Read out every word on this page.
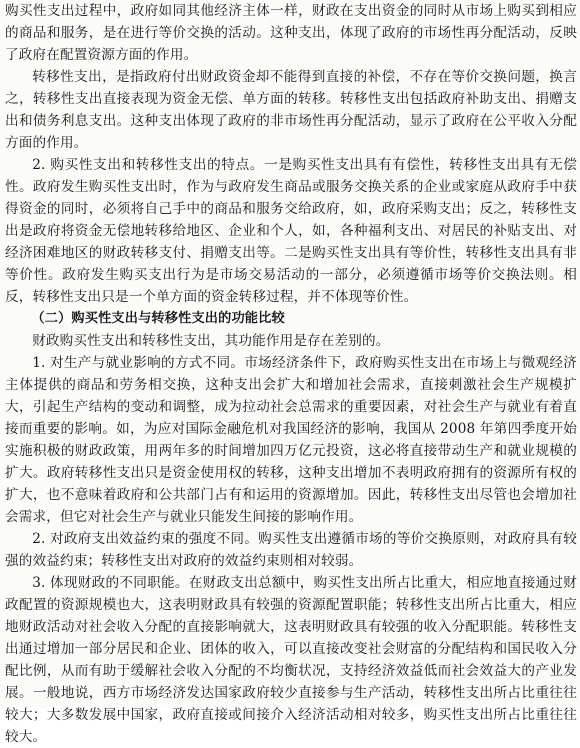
购买性支出过程中，政府如同其他经济主体一样，财政在支出资金的同时从市场上购买到相应的商品和服务，是在进行等价交换的活动。这种支出，体现了政府的市场性再分配活动，反映了政府在配置资源方面的作用。

转移性支出，是指政府付出财政资金却不能得到直接的补偿，不存在等价交换问题，换言之，转移性支出直接表现为资金无偿、单方面的转移。转移性支出包括政府补助支出、捐赠支出和债务利息支出。这种支出体现了政府的非市场性再分配活动，显示了政府在公平收入分配方面的作用。

2. 购买性支出和转移性支出的特点。一是购买性支出具有有偿性，转移性支出具有无偿性。政府发生购买性支出时，作为与政府发生商品或服务交换关系的企业或家庭从政府手中获得资金的同时，必须将自己手中的商品和服务交给政府，如，政府采购支出；反之，转移性支出是政府将资金无偿地转移给地区、企业和个人，如，各种福利支出、对居民的补贴支出、对经济困难地区的财政转移支付、捐赠支出等。二是购买性支出具有等价性，转移性支出具有非等价性。政府发生购买支出行为是市场交易活动的一部分，必须遵循市场等价交换法则。相反，转移性支出只是一个单方面的资金转移过程，并不体现等价性。

（二）购买性支出与转移性支出的功能比较

财政购买性支出和转移性支出，其功能作用是存在差别的。

1. 对生产与就业影响的方式不同。市场经济条件下，政府购买性支出在市场上与微观经济主体提供的商品和劳务相交换，这种支出会扩大和增加社会需求，直接刺激社会生产规模扩大，引起生产结构的变动和调整，成为拉动社会总需求的重要因素，对社会生产与就业有着直接而重要的影响。如，为应对国际金融危机对我国经济的影响，我国从 2008 年第四季度开始实施积极的财政政策，用两年多的时间增加四万亿元投资，这必将直接带动生产和就业规模的扩大。政府转移性支出只是资金使用权的转移，这种支出增加不表明政府拥有的资源所有权的扩大，也不意味着政府和公共部门占有和运用的资源增加。因此，转移性支出尽管也会增加社会需求，但它对社会生产与就业只能发生间接的影响作用。

2. 对政府支出效益约束的强度不同。购买性支出遵循市场的等价交换原则，对政府具有较强的效益约束；转移性支出对政府的效益约束则相对较弱。

3. 体现财政的不同职能。在财政支出总额中，购买性支出所占比重大，相应地直接通过财政配置的资源规模也大，这表明财政具有较强的资源配置职能；转移性支出所占比重大，相应地财政活动对社会收入分配的直接影响就大，这表明财政具有较强的收入分配职能。转移性支出通过增加一部分居民和企业、团体的收入，可以直接改变社会财富的分配结构和国民收入分配比例，从而有助于缓解社会收入分配的不均衡状况，支持经济效益低而社会效益大的产业发展。一般地说，西方市场经济发达国家政府较少直接参与生产活动，转移性支出所占比重往往较大；大多数发展中国家，政府直接或间接介入经济活动相对较多，购买性支出所占比重往往较大。
